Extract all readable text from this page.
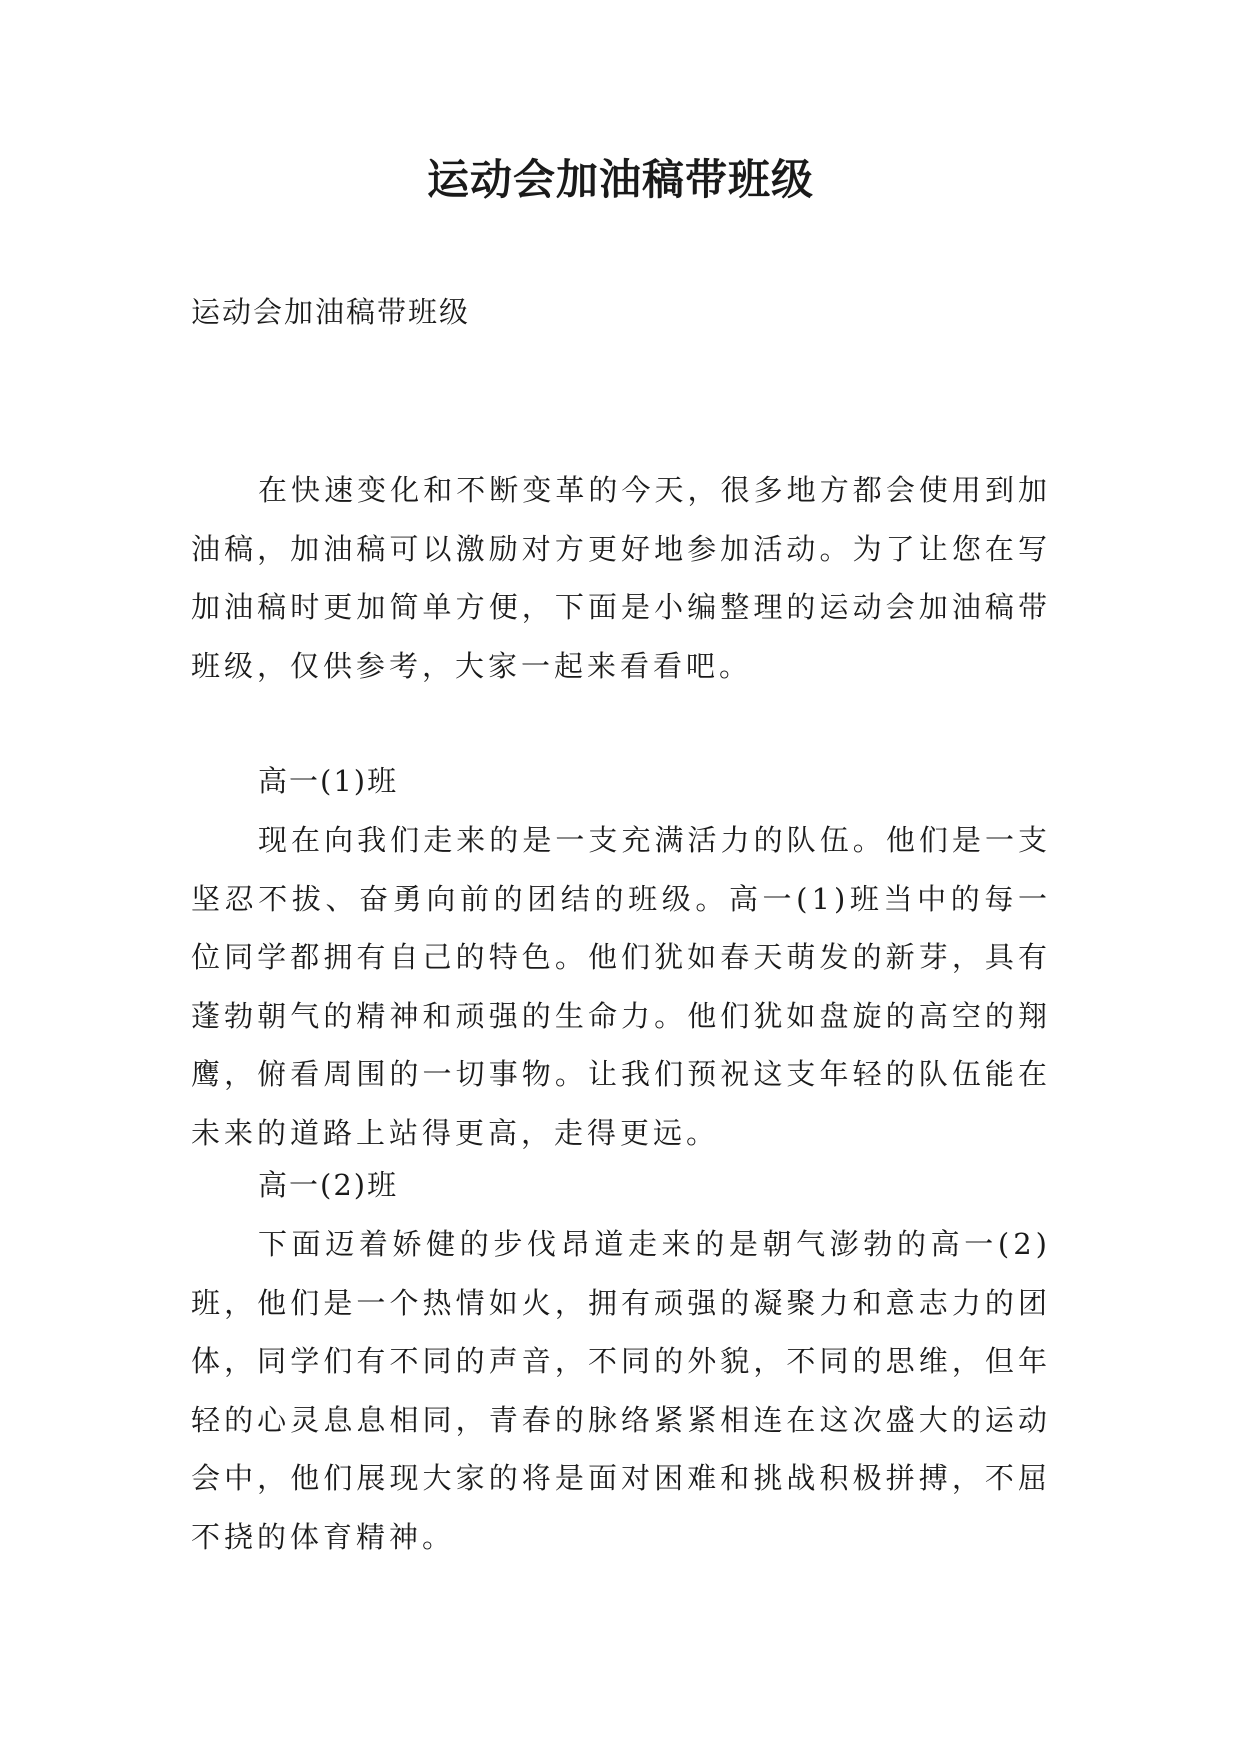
运动会加油稿带班级

运动会加油稿带班级

在快速变化和不断变革的今天，很多地方都会使用到加油稿，加油稿可以激励对方更好地参加活动。为了让您在写加油稿时更加简单方便，下面是小编整理的运动会加油稿带班级，仅供参考，大家一起来看看吧。

高一(1)班

现在向我们走来的是一支充满活力的队伍。他们是一支坚忍不拔、奋勇向前的团结的班级。高一(1)班当中的每一位同学都拥有自己的特色。他们犹如春天萌发的新芽，具有蓬勃朝气的精神和顽强的生命力。他们犹如盘旋的高空的翔鹰，俯看周围的一切事物。让我们预祝这支年轻的队伍能在未来的道路上站得更高，走得更远。

高一(2)班

下面迈着娇健的步伐昂道走来的是朝气澎勃的高一(2)班，他们是一个热情如火，拥有顽强的凝聚力和意志力的团体，同学们有不同的声音，不同的外貌，不同的思维，但年轻的心灵息息相同，青春的脉络紧紧相连在这次盛大的运动会中，他们展现大家的将是面对困难和挑战积极拼搏，不屈不挠的体育精神。
